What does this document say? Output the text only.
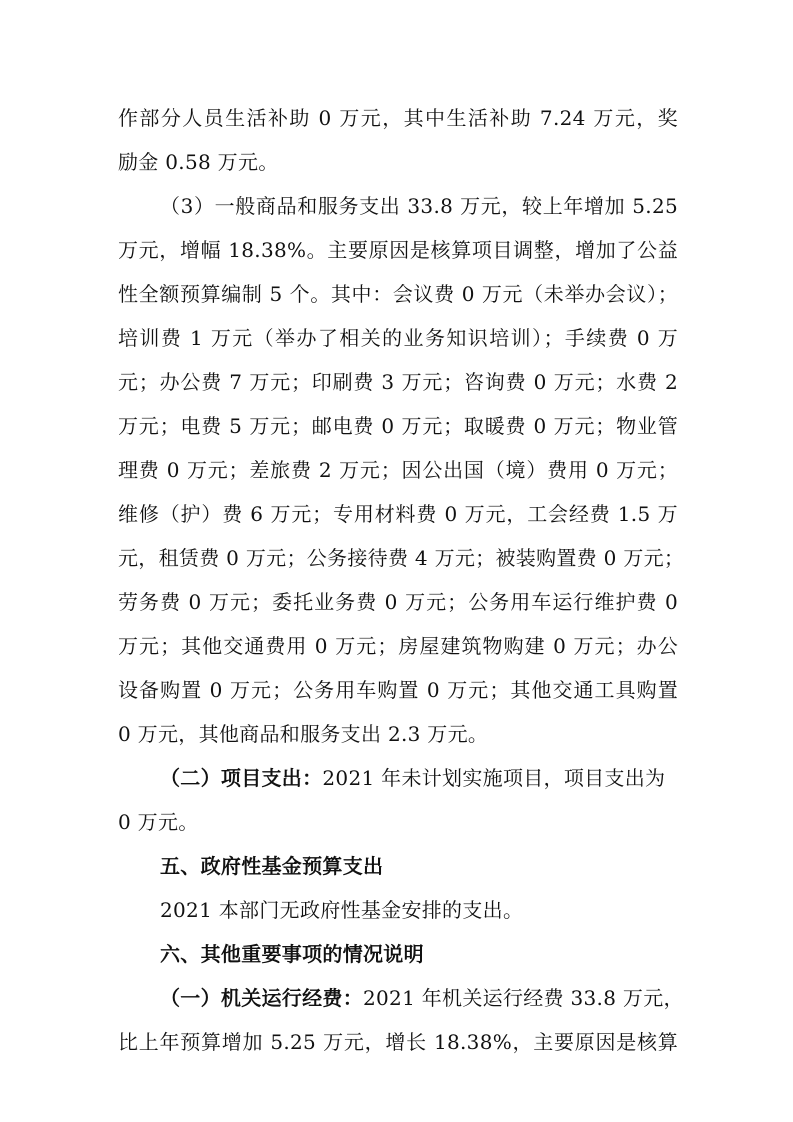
作部分人员生活补助 0 万元，其中生活补助 7.24 万元，奖
励金 0.58 万元。
（3）一般商品和服务支出 33.8 万元，较上年增加 5.25
万元，增幅 18.38%。主要原因是核算项目调整，增加了公益
性全额预算编制 5 个。其中：会议费 0 万元（未举办会议）；
培训费 1 万元（举办了相关的业务知识培训）；手续费 0 万
元；办公费 7 万元；印刷费 3 万元；咨询费 0 万元；水费 2
万元；电费 5 万元；邮电费 0 万元；取暖费 0 万元；物业管
理费 0 万元；差旅费 2 万元；因公出国（境）费用 0 万元；
维修（护）费 6 万元；专用材料费 0 万元，工会经费 1.5 万
元，租赁费 0 万元；公务接待费 4 万元；被装购置费 0 万元；
劳务费 0 万元；委托业务费 0 万元；公务用车运行维护费 0
万元；其他交通费用 0 万元；房屋建筑物购建 0 万元；办公
设备购置 0 万元；公务用车购置 0 万元；其他交通工具购置
0 万元，其他商品和服务支出 2.3 万元。
（二）项目支出：2021 年未计划实施项目，项目支出为
0 万元。
五、政府性基金预算支出
2021 本部门无政府性基金安排的支出。
六、其他重要事项的情况说明
（一）机关运行经费：2021 年机关运行经费 33.8 万元，
比上年预算增加 5.25 万元，增长 18.38%，主要原因是核算
